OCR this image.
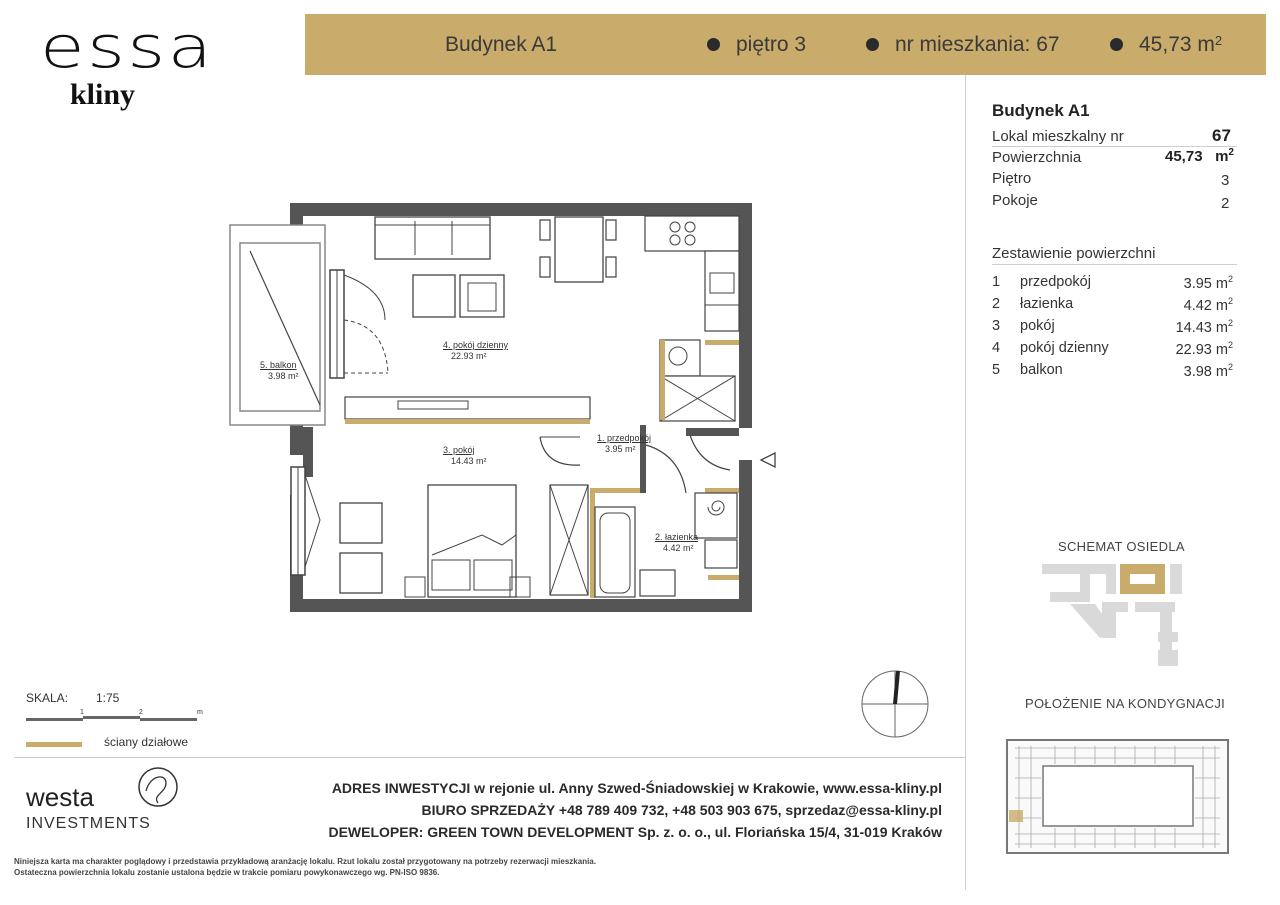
essa
kliny
Budynek A1	piętro 3	nr mieszkania: 67	45,73 $m^2$
Budynek A1
Lokal mieszkalny nr	67
Powierzchnia	45,73 $m^2$
Piętro	3
Pokoje	2
Zestawienie powierzchni
1 przedpokój	3.95 $m^2$
2 łazienka	4.42 $m^2$
3 pokój	14.43 $m^2$
4 pokój dzienny	22.93 $m^2$
5 balkon	3.98 $m^2$
SCHEMAT OSIEDLA
POŁOŻENIE NA KONDYGNACJI
4. pokój dzienny
22.93 m²
5. balkon
3.98 m²
1. przedpokój
3.95 m²
3. pokój
14.43 m²
2. łazienka
4.42 m²
SKALA: 1:75
1	2	m
ściany działowe
westa
INVESTMENTS
ADRES INWESTYCJI w rejonie ul. Anny Szwed-Śniadowskiej w Krakowie, www.essa-kliny.pl
BIURO SPRZEDAŻY +48 789 409 732, +48 503 903 675, sprzedaz@essa-kliny.pl
DEWELOPER: GREEN TOWN DEVELOPMENT Sp. z. o. o., ul. Floriańska 15/4, 31-019 Kraków
Niniejsza karta ma charakter poglądowy i przedstawia przykładową aranżację lokalu. Rzut lokalu został przygotowany na potrzeby rezerwacji mieszkania.
Ostateczna powierzchnia lokalu zostanie ustalona będzie w trakcie pomiaru powykonawczego wg. PN-ISO 9836.
